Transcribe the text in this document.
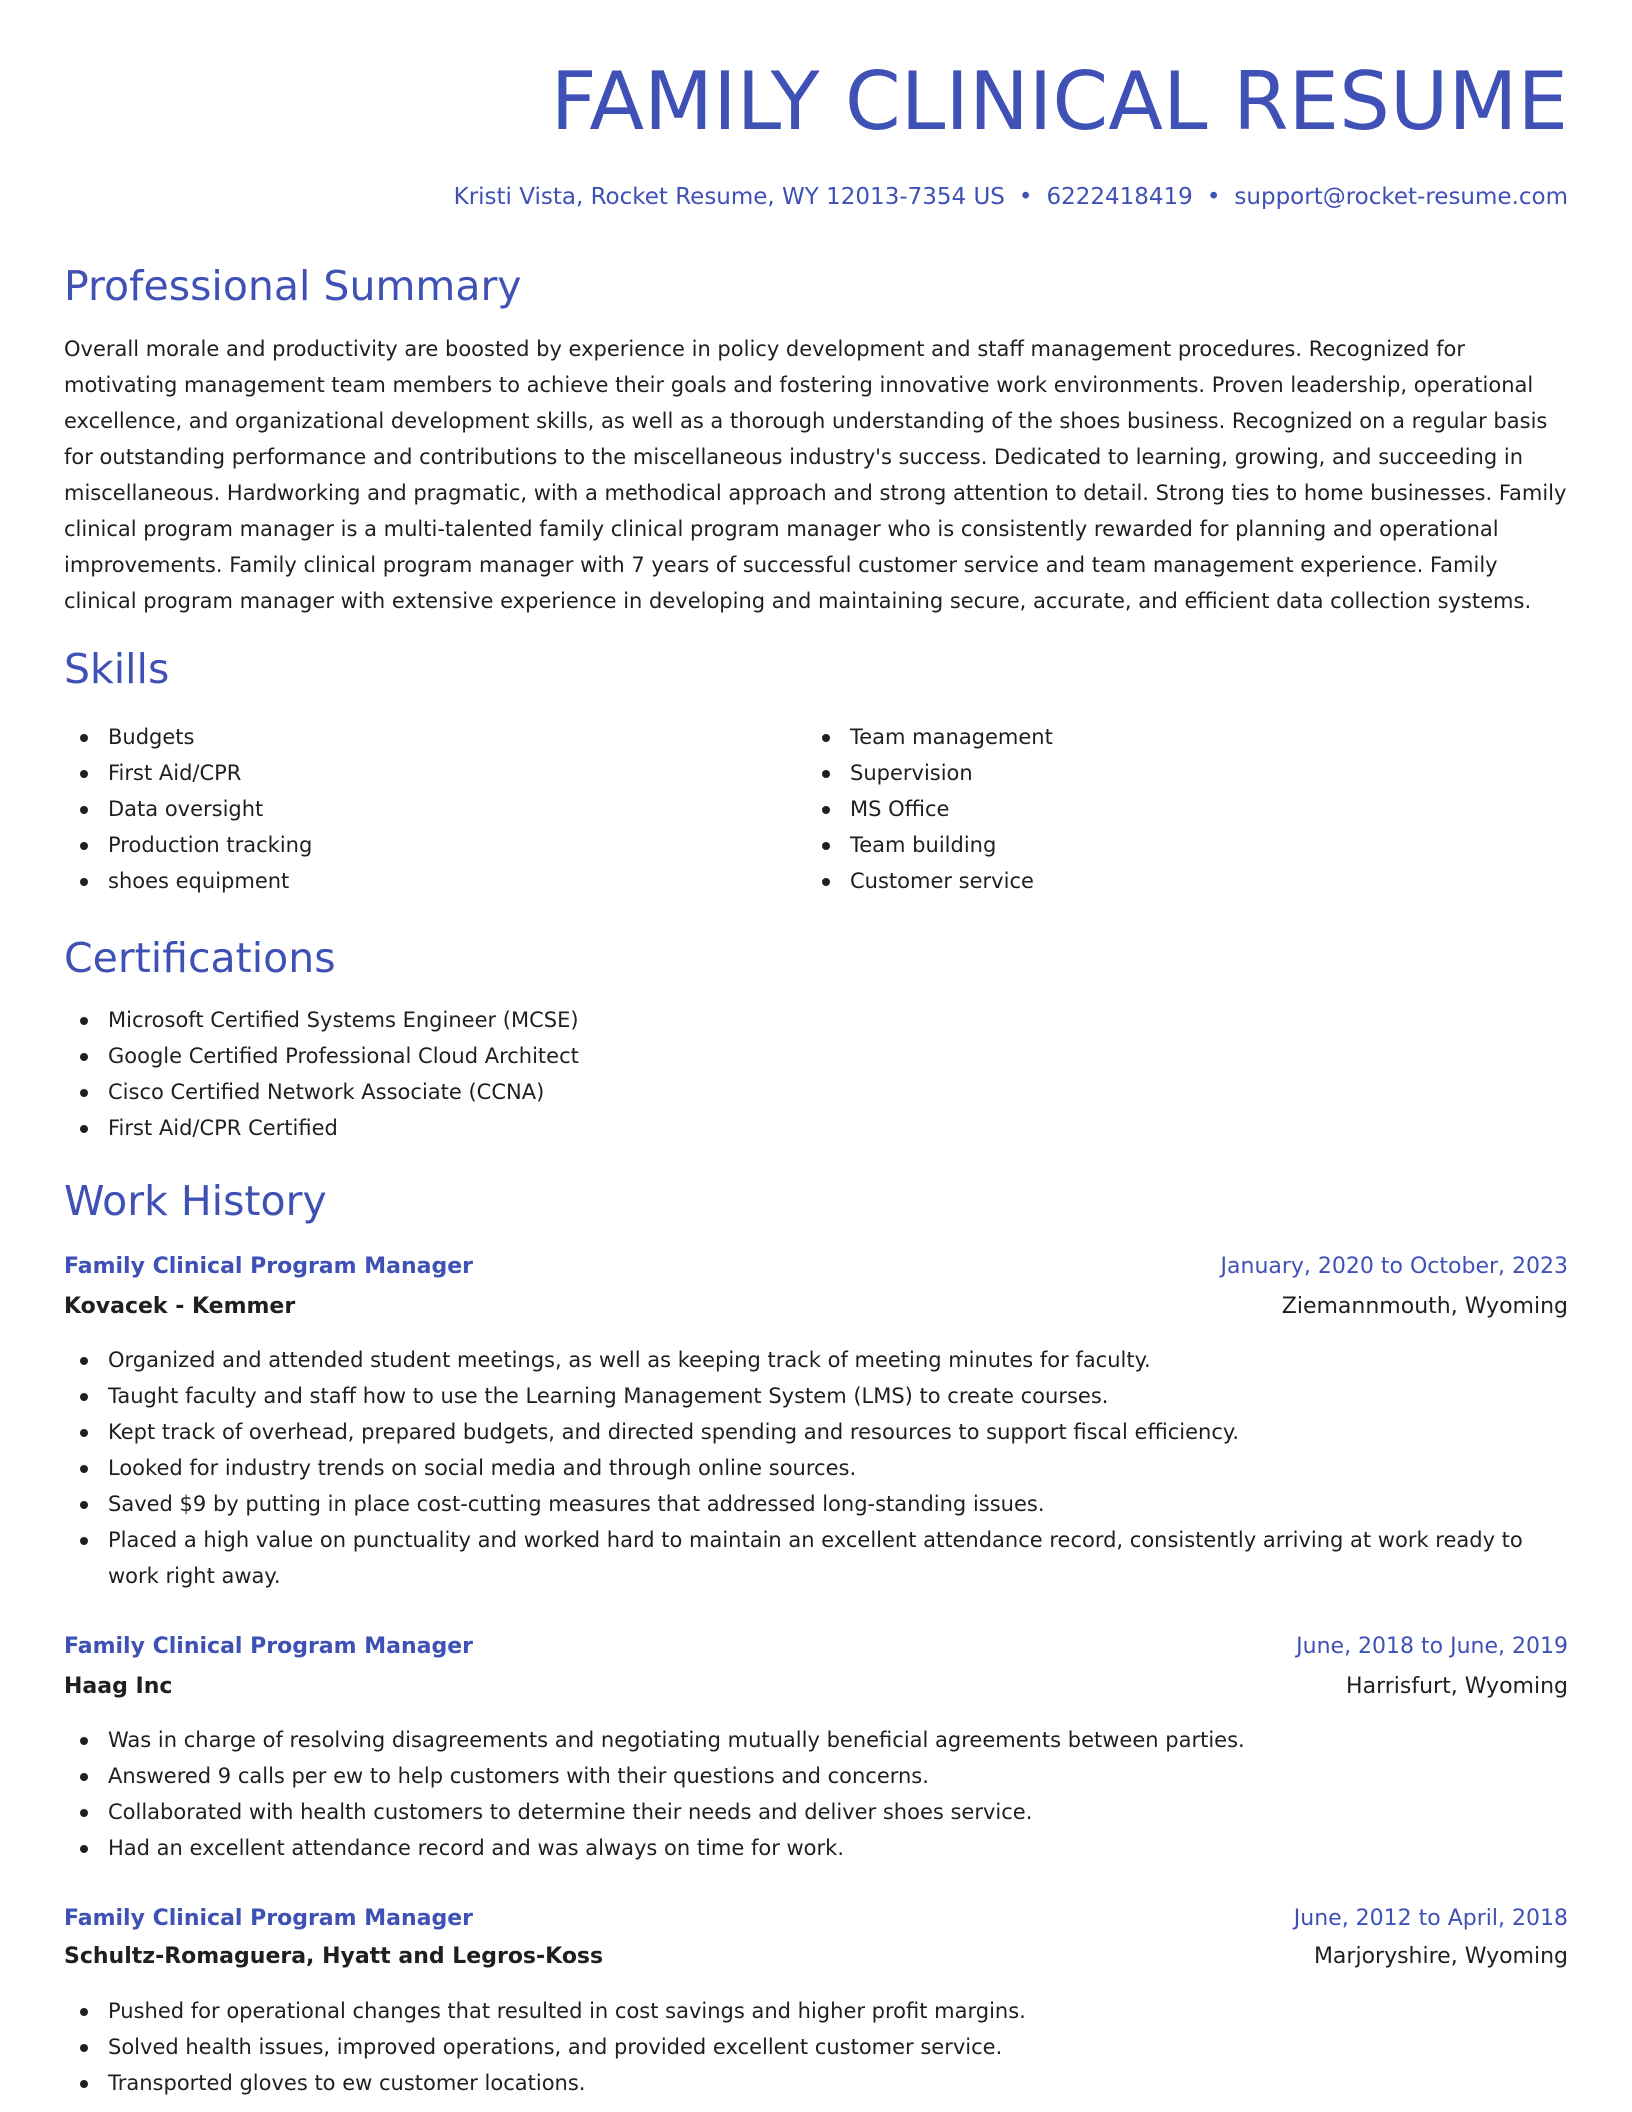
FAMILY CLINICAL RESUME
Kristi Vista, Rocket Resume, WY 12013-7354 US • 6222418419 • support@rocket-resume.com
Professional Summary

Overall morale and productivity are boosted by experience in policy development and staff management procedures. Recognized for motivating management team members to achieve their goals and fostering innovative work environments. Proven leadership, operational excellence, and organizational development skills, as well as a thorough understanding of the shoes business. Recognized on a regular basis for outstanding performance and contributions to the miscellaneous industry's success. Dedicated to learning, growing, and succeeding in miscellaneous. Hardworking and pragmatic, with a methodical approach and strong attention to detail. Strong ties to home businesses. Family clinical program manager is a multi-talented family clinical program manager who is consistently rewarded for planning and operational improvements. Family clinical program manager with 7 years of successful customer service and team management experience. Family clinical program manager with extensive experience in developing and maintaining secure, accurate, and efficient data collection systems.

Skills
Budgets
First Aid/CPR
Data oversight
Production tracking
shoes equipment
Team management
Supervision
MS Office
Team building
Customer service
Certifications
Microsoft Certified Systems Engineer (MCSE)
Google Certified Professional Cloud Architect
Cisco Certified Network Associate (CCNA)
First Aid/CPR Certified
Work History
Family Clinical Program Manager	January, 2020 to October, 2023
Kovacek - Kemmer	Ziemannmouth, Wyoming
Organized and attended student meetings, as well as keeping track of meeting minutes for faculty.
Taught faculty and staff how to use the Learning Management System (LMS) to create courses.
Kept track of overhead, prepared budgets, and directed spending and resources to support fiscal efficiency.
Looked for industry trends on social media and through online sources.
Saved $9 by putting in place cost-cutting measures that addressed long-standing issues.
Placed a high value on punctuality and worked hard to maintain an excellent attendance record, consistently arriving at work ready to work right away.
Family Clinical Program Manager	June, 2018 to June, 2019
Haag Inc	Harrisfurt, Wyoming
Was in charge of resolving disagreements and negotiating mutually beneficial agreements between parties.
Answered 9 calls per ew to help customers with their questions and concerns.
Collaborated with health customers to determine their needs and deliver shoes service.
Had an excellent attendance record and was always on time for work.
Family Clinical Program Manager	June, 2012 to April, 2018
Schultz-Romaguera, Hyatt and Legros-Koss	Marjoryshire, Wyoming
Pushed for operational changes that resulted in cost savings and higher profit margins.
Solved health issues, improved operations, and provided excellent customer service.
Transported gloves to ew customer locations.
